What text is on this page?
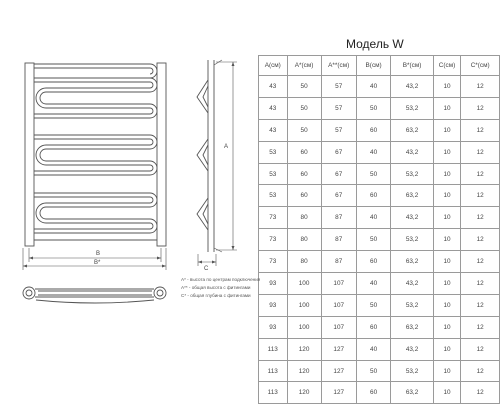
A
B
B*
C
Модель W
A(см)	A*(см)	A**(см)	B(см)	B*(см)	C(см)	C*(см)
43	50	57	40	43,2	10	12
43	50	57	50	53,2	10	12
43	50	57	60	63,2	10	12
53	60	67	40	43,2	10	12
53	60	67	50	53,2	10	12
53	60	67	60	63,2	10	12
73	80	87	40	43,2	10	12
73	80	87	50	53,2	10	12
73	80	87	60	63,2	10	12
93	100	107	40	43,2	10	12
93	100	107	50	53,2	10	12
93	100	107	60	63,2	10	12
113	120	127	40	43,2	10	12
113	120	127	50	53,2	10	12
113	120	127	60	63,2	10	12
A* - высота по центрам подключения
A** - общая высота с фитингами
C* - общая глубина с фитингами
